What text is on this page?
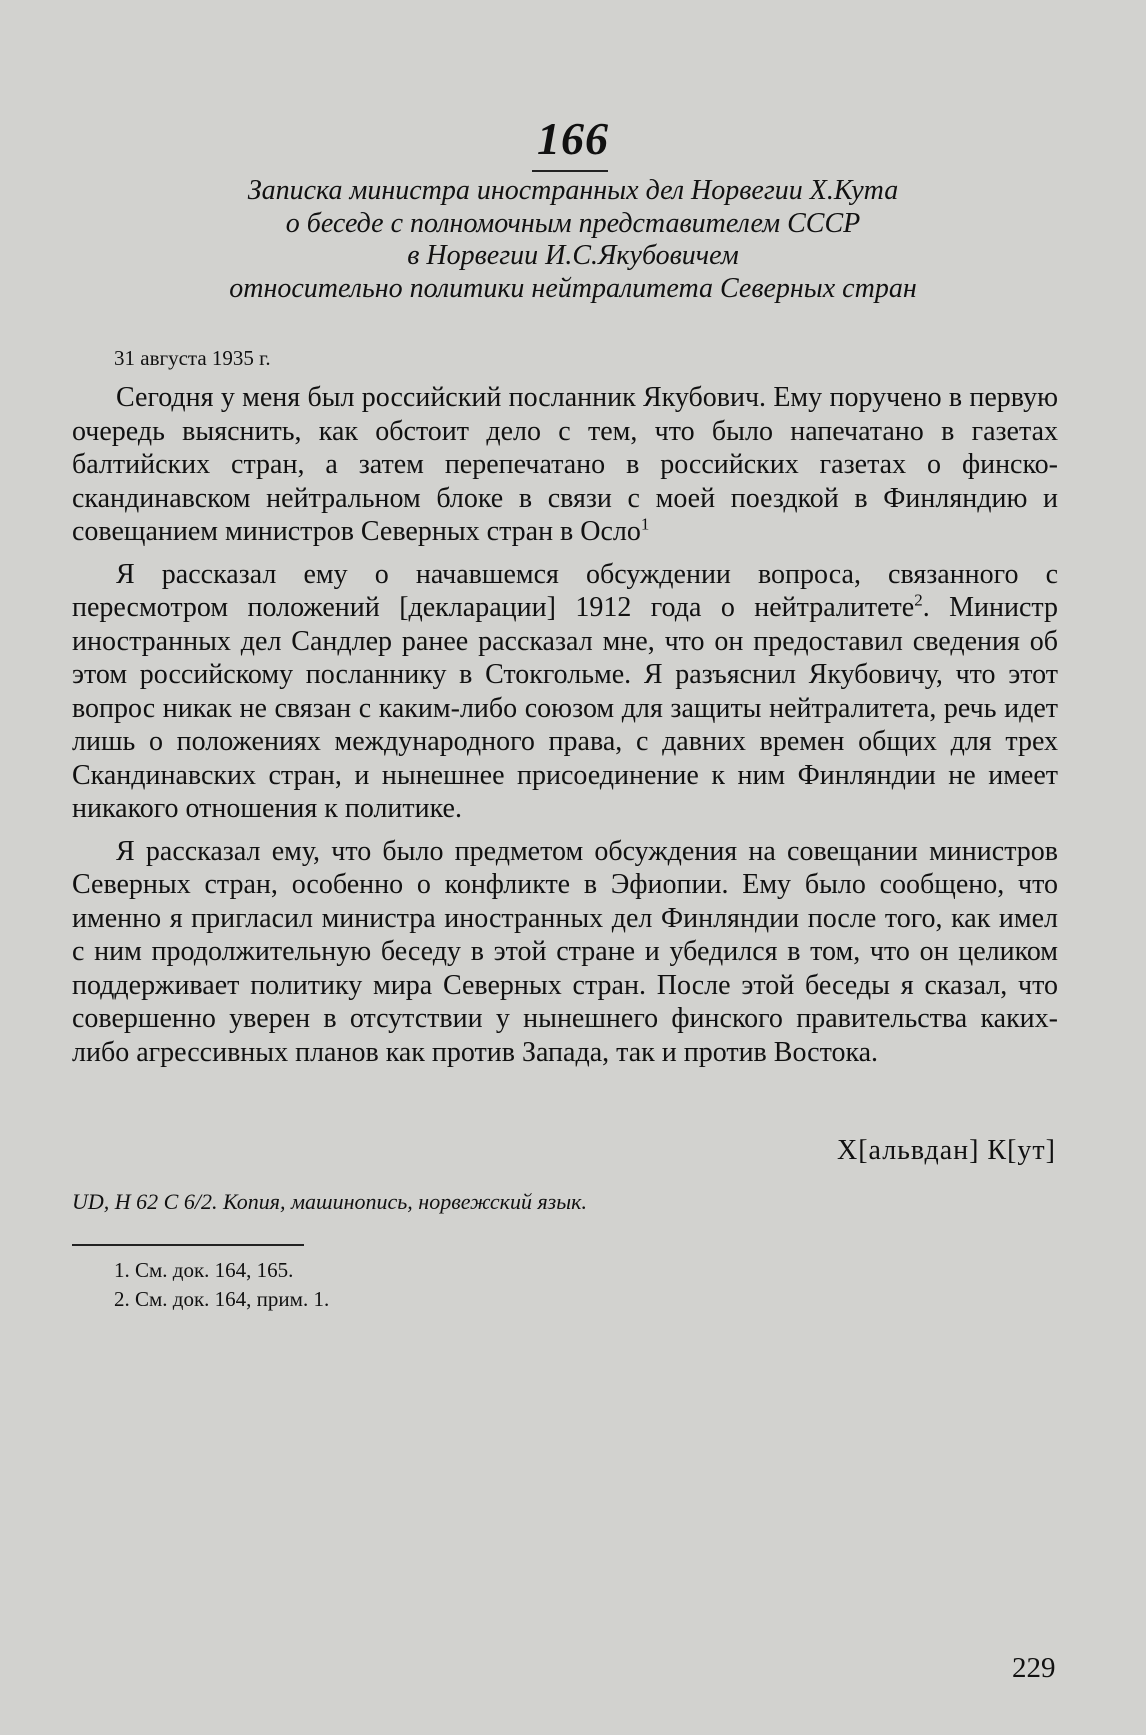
166
Записка министра иностранных дел Норвегии Х.Кута
о беседе с полномочным представителем СССР
в Норвегии И.С.Якубовичем
относительно политики нейтралитета Северных стран
31 августа 1935 г.

Сегодня у меня был российский посланник Якубович. Ему поручено в первую очередь выяснить, как обстоит дело с тем, что было напечатано в газетах балтийских стран, а затем перепечатано в российских газетах о финско-скандинавском нейтральном блоке в связи с моей поездкой в Финляндию и совещанием министров Северных стран в Осло$^1$

Я рассказал ему о начавшемся обсуждении вопроса, связанного с пересмотром положений [декларации] 1912 года о нейтралитете$^2$. Министр иностранных дел Сандлер ранее рассказал мне, что он предоставил сведения об этом российскому посланнику в Стокгольме. Я разъяснил Якубовичу, что этот вопрос никак не связан с каким-либо союзом для защиты нейтралитета, речь идет лишь о положениях международного права, с давних времен общих для трех Скандинавских стран, и нынешнее присоединение к ним Финляндии не имеет никакого отношения к политике.

Я рассказал ему, что было предметом обсуждения на совещании министров Северных стран, особенно о конфликте в Эфиопии. Ему было сообщено, что именно я пригласил министра иностранных дел Финляндии после того, как имел с ним продолжительную беседу в этой стране и убедился в том, что он целиком поддерживает политику мира Северных стран. После этой беседы я сказал, что совершенно уверен в отсутствии у нынешнего финского правительства каких-либо агрессивных планов как против Запада, так и против Востока.

Х[альвдан] К[ут]
UD, H 62 C 6/2. Копия, машинопись, норвежский язык.
1. См. док. 164, 165.
2. См. док. 164, прим. 1.
229
